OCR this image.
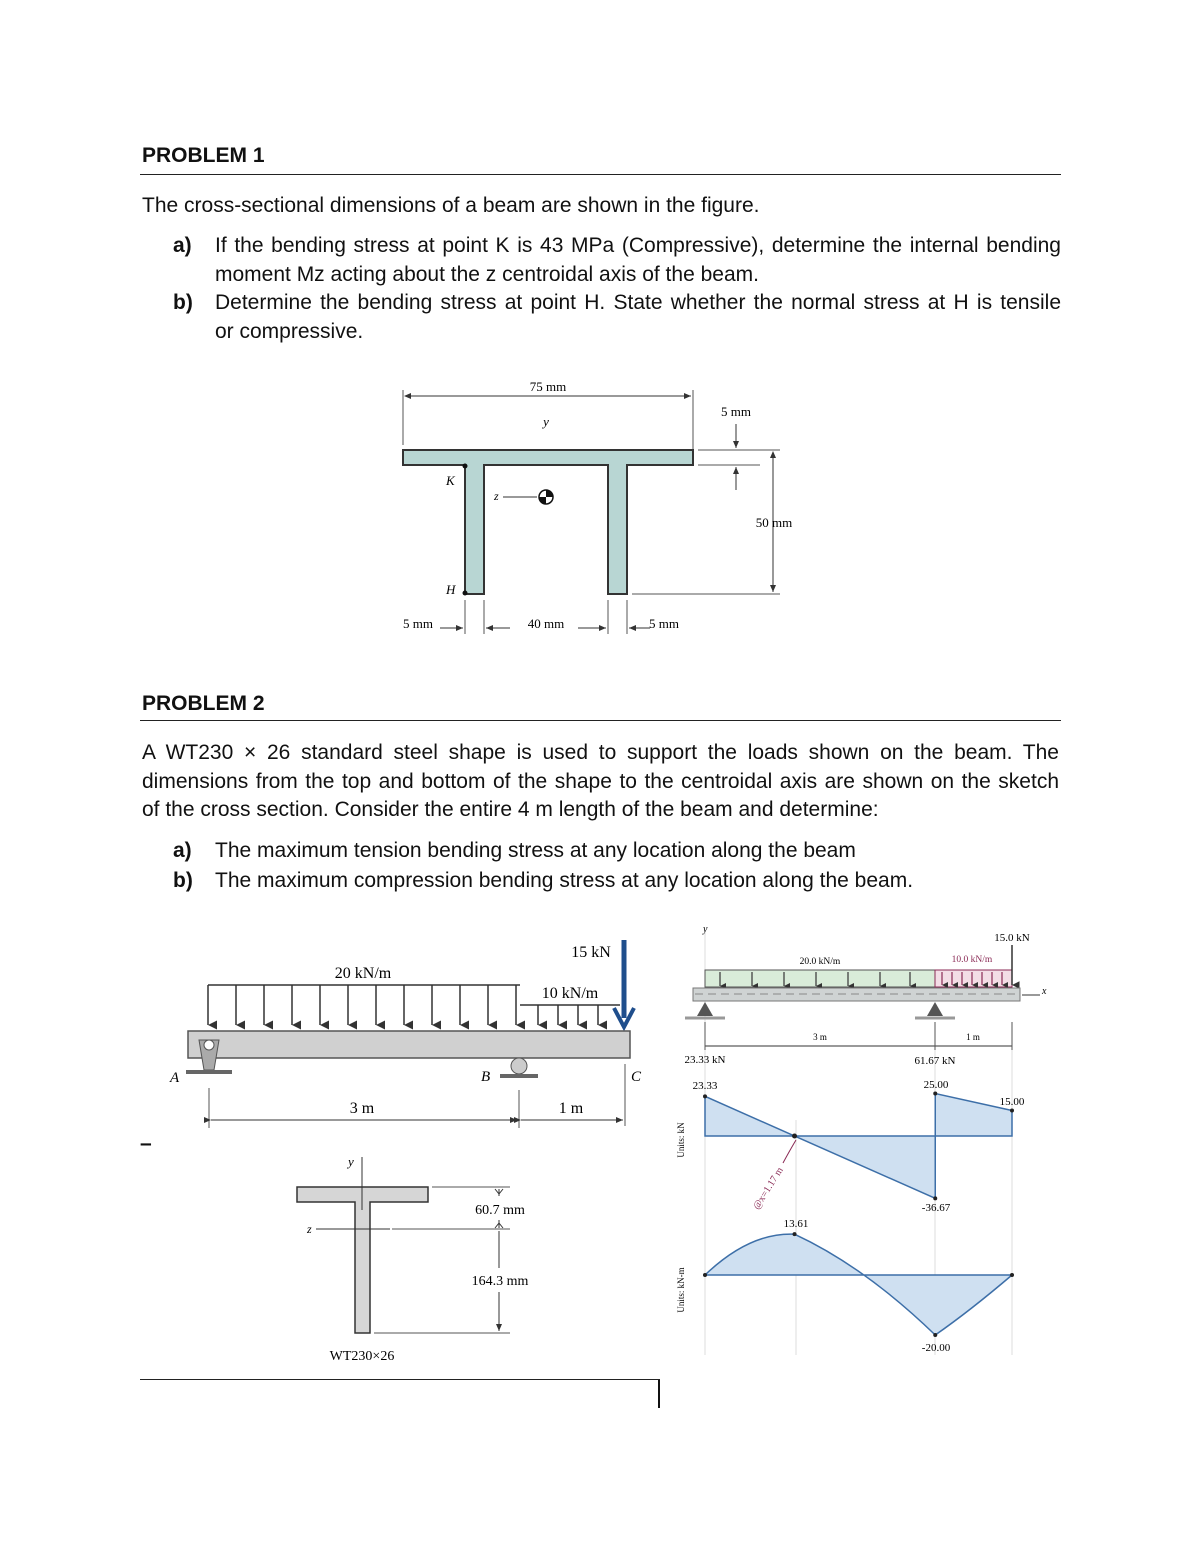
PROBLEM 1
The cross-sectional dimensions of a beam are shown in the figure.
a) If the bending stress at point K is 43 MPa (Compressive), determine the internal bending
moment Mz acting about the z centroidal axis of the beam.
b) Determine the bending stress at point H. State whether the normal stress at H is tensile
or compressive.
75 mm
y
z
K
H
5 mm
50 mm
5 mm	40 mm	5 mm
PROBLEM 2
A WT230 × 26 standard steel shape is used to support the loads shown on the beam. The
dimensions from the top and bottom of the shape to the centroidal axis are shown on the sketch
of the cross section. Consider the entire 4 m length of the beam and determine:
a) The maximum tension bending stress at any location along the beam
b) The maximum compression bending stress at any location along the beam.
20 kN/m
10 kN/m
15 kN
A	B	C
3 m	1 m
–
y
z
60.7 mm
164.3 mm
WT230×26
y
x
20.0 kN/m	10.0 kN/m
15.0 kN
3 m	1 m
23.33 kN	61.67 kN
Units: kN
23.33	25.00
15.00
-36.67
@x=1.17 m
Units: kN-m
13.61
-20.00
